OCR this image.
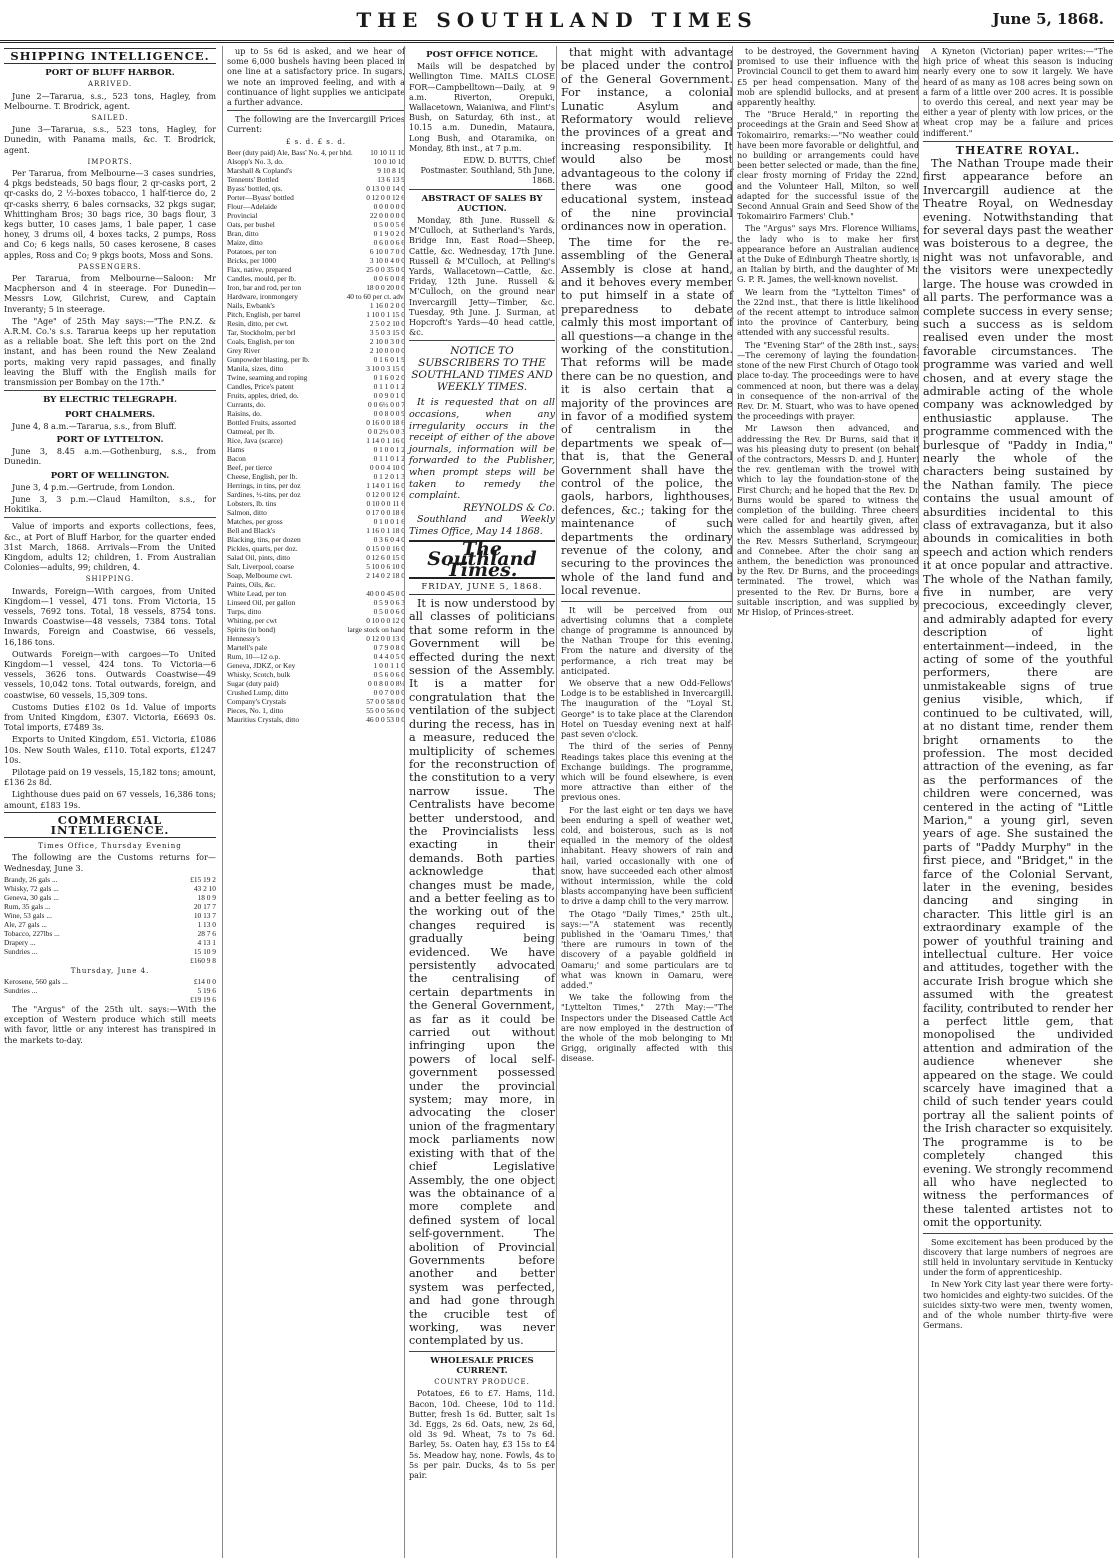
THE SOUTHLAND TIMES	June 5, 1868.
SHIPPING INTELLIGENCE.
PORT OF BLUFF HARBOR.
ARRIVED.

June 2—Tararua, s.s., 523 tons, Hagley, from Melbourne. T. Brodrick, agent.

SAILED.

June 3—Tararua, s.s., 523 tons, Hagley, for Dunedin, with Panama mails, &c. T. Brodrick, agent.

IMPORTS.

Per Tararua, from Melbourne—3 cases sundries, 4 pkgs bedsteads, 50 bags flour, 2 qr-casks port, 2 qr-casks do, 2 ½-boxes tobacco, 1 half-tierce do, 2 qr-casks sherry, 6 bales cornsacks, 32 pkgs sugar, Whittingham Bros; 30 bags rice, 30 bags flour, 3 kegs butter, 10 cases jams, 1 bale paper, 1 case honey, 3 drums oil, 4 boxes tacks, 2 pumps, Ross and Co; 6 kegs nails, 50 cases kerosene, 8 cases apples, Ross and Co; 9 pkgs boots, Moss and Sons.

PASSENGERS.

Per Tararua, from Melbourne—Saloon: Mr Macpherson and 4 in steerage. For Dunedin—Messrs Low, Gilchrist, Curew, and Captain Inveranty; 5 in steerage.

The "Age" of 25th May says:—"The P.N.Z. & A.R.M. Co.'s s.s. Tararua keeps up her reputation as a reliable boat. She left this port on the 2nd instant, and has been round the New Zealand ports, making very rapid passages, and finally leaving the Bluff with the English mails for transmission per Bombay on the 17th."

BY ELECTRIC TELEGRAPH.
PORT CHALMERS.

June 4, 8 a.m.—Tararua, s.s., from Bluff.

PORT OF LYTTELTON.

June 3, 8.45 a.m.—Gothenburg, s.s., from Dunedin.

PORT OF WELLINGTON.

June 3, 4 p.m.—Gertrude, from London.

June 3, 3 p.m.—Claud Hamilton, s.s., for Hokitika.

Value of imports and exports collections, fees, &c., at Port of Bluff Harbor, for the quarter ended 31st March, 1868. Arrivals—From the United Kingdom, adults 12; children, 1. From Australian Colonies—adults, 99; children, 4.

SHIPPING.

Inwards, Foreign—With cargoes, from United Kingdom—1 vessel, 471 tons. From Victoria, 15 vessels, 7692 tons. Total, 18 vessels, 8754 tons. Inwards Coastwise—48 vessels, 7384 tons. Total Inwards, Foreign and Coastwise, 66 vessels, 16,186 tons.

Outwards Foreign—with cargoes—To United Kingdom—1 vessel, 424 tons. To Victoria—6 vessels, 3626 tons. Outwards Coastwise—49 vessels, 10,042 tons. Total outwards, foreign, and coastwise, 60 vessels, 15,309 tons.

Customs Duties £102 0s 1d. Value of imports from United Kingdom, £307. Victoria, £6693 0s. Total imports, £7489 3s.

Exports to United Kingdom, £51. Victoria, £1086 10s. New South Wales, £110. Total exports, £1247 10s.

Pilotage paid on 19 vessels, 15,182 tons; amount, £136 2s 8d.

Lighthouse dues paid on 67 vessels, 16,386 tons; amount, £183 19s.

COMMERCIAL INTELLIGENCE.
Times Office, Thursday Evening

The following are the Customs returns for— Wednesday, June 3.

Brandy, 26 gals ...	£15 19 2
Whisky, 72 gals ...	43 2 10
Geneva, 30 gals ...	18 0 9
Rum, 35 gals ...	20 17 7
Wine, 53 gals ...	10 13 7
Ale, 27 gals ...	1 13 0
Tobacco, 227lbs ...	28 7 6
Drapery ...	4 13 1
Sundries ...	15 10 9
£160 9 8
Thursday, June 4.
Kerosene, 560 gals ...	£14 0 0
Sundries ...	5 19 6
£19 19 6

The "Argus" of the 25th ult. says:—With the exception of Western produce which still meets with favor, little or any interest has transpired in the markets to-day.

up to 5s 6d is asked, and we hear of some 6,000 bushels having been placed in one line at a satisfactory price. In sugars, we note an improved feeling, and with a continuance of light supplies we anticipate a further advance.

The following are the Invercargill Prices Current:

£ s. d. £ s. d.
Beer (duty paid) Ale, Bass' No. 4, per hhd. 10 10 11 10
Alsopp's No. 3, do.	10 0 10 10
Marshall & Copland's	9 10 8 10
Tennents' Bottled	13 6 13 9
Byass' bottled, qts.	0 13 0 0 14 0
Porter—Byass' bottled	0 12 0 0 12 6
Flour—Adelaide	0 0 0 0 0 0
Provincial	22 0 0 0 0 0
Oats, per bushel	0 5 0 0 5 6
Bran, ditto	0 1 9 0 2 0
Maize, ditto	0 6 0 0 6 6
Potatoes, per ton	6 10 0 7 0 0
Bricks, per 1000	3 10 0 4 0 0
Flax, native, prepared	25 0 0 35 0 0
Candles, mould, per lb.	0 0 6 0 0 8
Iron, bar and rod, per ton	18 0 0 20 0 0
Hardware, ironmongery	40 to 60 per ct. adv.
Nails, Ewbank's	1 16 0 2 0 0
Pitch, English, per barrel	1 10 0 1 15 0
Resin, ditto, per cwt.	2 5 0 2 10 0
Tar, Stockholm, per brl	3 5 0 3 15 0
Coals, English, per ton	2 10 0 3 0 0
Grey River	2 10 0 0 0 0
Gunpowder blasting, per lb.	0 1 6 0 1 9
Manila, sizes, ditto	3 10 0 3 15 0
Twine, seaming and roping	0 1 6 0 2 0
Candles, Price's patent	0 1 1 0 1 2
Fruits, apples, dried, do.	0 0 9 0 1 0
Currants, do.	0 0 6½ 0 0 7
Raisins, do.	0 0 8 0 0 9
Bottled Fruits, assorted	0 16 0 0 18 6
Oatmeal, per lb.	0 0 2½ 0 0 3
Rice, Java (scarce)	1 14 0 1 16 0
Hams	0 1 0 0 1 2
Bacon	0 1 1 0 1 2
Beef, per tierce	0 0 0 4 10 0
Cheese, English, per lb.	0 1 2 0 1 3
Herrings, in tins, per doz	1 14 0 1 16 0
Sardines, ½-tins, per doz	0 12 0 0 12 6
Lobsters, lb. tins	0 10 0 0 11 6
Salmon, ditto	0 17 0 0 18 6
Matches, per gross	0 1 0 0 1 6
Bell and Black's	1 16 0 1 18 0
Blacking, tins, per dozen	0 3 6 0 4 0
Pickles, quarts, per doz.	0 15 0 0 16 0
Salad Oil, pints, ditto	0 12 6 0 15 0
Salt, Liverpool, coarse	5 10 0 6 10 0
Soap, Melbourne cwt.	2 14 0 2 18 0
Paints, Oils, &c.
White Lead, per ton	40 0 0 45 0 0
Linseed Oil, per gallon	0 5 9 0 6 3
Turps, ditto	0 5 0 0 6 0
Whiting, per cwt	0 10 0 0 12 0
Spirits (in bond)	large stock on hand
Hennessy's	0 12 0 0 13 0
Martell's pale	0 7 9 0 8 0
Rum, 10—12 o.p.	0 4 4 0 5 0
Geneva, JDKZ, or Key	1 0 0 1 1 0
Whisky, Scotch, bulk	0 5 6 0 6 0
Sugar (duty paid)	0 0 8 0 0 8¼
Crushed Lump, ditto	0 0 7 0 0 0
Company's Crystals	57 0 0 58 0 0
Pieces, No. 1, ditto	55 0 0 56 0 0
Mauritius Crystals, ditto	46 0 0 53 0 0
POST OFFICE NOTICE.

Mails will be despatched by Wellington Time. MAILS CLOSE FOR—Campbelltown—Daily, at 9 a.m. Riverton, Orepuki, Wallacetown, Waianiwa, and Flint's Bush, on Saturday, 6th inst., at 10.15 a.m. Dunedin, Mataura, Long Bush, and Otaramika, on Monday, 8th inst., at 7 p.m.

EDW. D. BUTTS, Chief Postmaster. Southland, 5th June, 1868.

ABSTRACT OF SALES BY AUCTION.

Monday, 8th June. Russell & M'Culloch, at Sutherland's Yards, Bridge Inn, East Road—Sheep, Cattle, &c. Wednesday, 17th June. Russell & M'Culloch, at Pelling's Yards, Wallacetown—Cattle, &c. Friday, 12th June. Russell & M'Culloch, on the ground near Invercargill Jetty—Timber, &c. Tuesday, 9th June. J. Surman, at Hopcroft's Yards—40 head cattle, &c.

NOTICE TO SUBSCRIBERS TO THE SOUTHLAND TIMES AND WEEKLY TIMES.

It is requested that on all occasions, when any irregularity occurs in the receipt of either of the above journals, information will be forwarded to the Publisher, when prompt steps will be taken to remedy the complaint.

REYNOLDS & Co.

Southland and Weekly Times Office, May 14 1868.

The Southland Times.
FRIDAY, JUNE 5, 1868.

It is now understood by all classes of politicians that some reform in the Government will be effected during the next session of the Assembly. It is a matter for congratulation that the ventilation of the subject during the recess, has in a measure, reduced the multiplicity of schemes for the reconstruction of the constitution to a very narrow issue. The Centralists have become better understood, and the Provincialists less exacting in their demands. Both parties acknowledge that changes must be made, and a better feeling as to the working out of the changes required is gradually being evidenced. We have persistently advocated the centralising of certain departments in the General Government, as far as it could be carried out without infringing upon the powers of local self-government possessed under the provincial system; may more, in advocating the closer union of the fragmentary mock parliaments now existing with that of the chief Legislative Assembly, the one object was the obtainance of a more complete and defined system of local self-government. The abolition of Provincial Governments before another and better system was perfected, and had gone through the crucible test of working, was never contemplated by us.

WHOLESALE PRICES CURRENT.
COUNTRY PRODUCE.

Potatoes, £6 to £7. Hams, 11d. Bacon, 10d. Cheese, 10d to 11d. Butter, fresh 1s 6d. Butter, salt 1s 3d. Eggs, 2s 6d. Oats, new, 2s 6d, old 3s 9d. Wheat, 7s to 7s 6d. Barley, 5s. Oaten hay, £3 15s to £4 5s. Meadow hay, none. Fowls, 4s to 5s per pair. Ducks, 4s to 5s per pair.

that might with advantage be placed under the control of the General Government. For instance, a colonial Lunatic Asylum and Reformatory would relieve the provinces of a great and increasing responsibility. It would also be most advantageous to the colony if there was one good educational system, instead of the nine provincial ordinances now in operation.

The time for the re-assembling of the General Assembly is close at hand, and it behoves every member to put himself in a state of preparedness to debate calmly this most important of all questions—a change in the working of the constitution. That reforms will be made there can be no question, and it is also certain that a majority of the provinces are in favor of a modified system of centralism in the departments we speak of—that is, that the General Government shall have the control of the police, the gaols, harbors, lighthouses, defences, &c.; taking for the maintenance of such departments the ordinary revenue of the colony, and securing to the provinces the whole of the land fund and local revenue.

It will be perceived from our advertising columns that a complete change of programme is announced by the Nathan Troupe for this evening. From the nature and diversity of the performance, a rich treat may be anticipated.

We observe that a new Odd-Fellows' Lodge is to be established in Invercargill. The inauguration of the "Loyal St. George" is to take place at the Clarendon Hotel on Tuesday evening next at half-past seven o'clock.

The third of the series of Penny Readings takes place this evening at the Exchange buildings. The programme, which will be found elsewhere, is even more attractive than either of the previous ones.

For the last eight or ten days we have been enduring a spell of weather wet, cold, and boisterous, such as is not equalled in the memory of the oldest inhabitant. Heavy showers of rain and hail, varied occasionally with one of snow, have succeeded each other almost without intermission, while the cold blasts accompanying have been sufficient to drive a damp chill to the very marrow.

The Otago "Daily Times," 25th ult., says:—"A statement was recently published in the 'Oamaru Times,' that 'there are rumours in town of the discovery of a payable goldfield in Oamaru;' and some particulars are to what was known in Oamaru, were added."

We take the following from the "Lyttelton Times," 27th May:—"The Inspectors under the Diseased Cattle Act are now employed in the destruction of the whole of the mob belonging to Mr Grigg, originally affected with this disease.

to be destroyed, the Government having promised to use their influence with the Provincial Council to get them to award him £5 per head compensation. Many of the mob are splendid bullocks, and at present apparently healthy.

The "Bruce Herald," in reporting the proceedings at the Grain and Seed Show at Tokomairiro, remarks:—"No weather could have been more favorable or delightful, and no building or arrangements could have been better selected or made, than the fine, clear frosty morning of Friday the 22nd, and the Volunteer Hall, Milton, so well adapted for the successful issue of the Second Annual Grain and Seed Show of the Tokomairiro Farmers' Club."

The "Argus" says Mrs. Florence Williams, the lady who is to make her first appearance before an Australian audience at the Duke of Edinburgh Theatre shortly, is an Italian by birth, and the daughter of Mr G. P. R. James, the well-known novelist.

We learn from the "Lyttelton Times" of the 22nd inst., that there is little likelihood of the recent attempt to introduce salmon into the province of Canterbury, being attended with any successful results.

The "Evening Star" of the 28th inst., says:—The ceremony of laying the foundation-stone of the new First Church of Otago took place to-day. The proceedings were to have commenced at noon, but there was a delay in consequence of the non-arrival of the Rev. Dr. M. Stuart, who was to have opened the proceedings with prayer.

Mr Lawson then advanced, and addressing the Rev. Dr Burns, said that it was his pleasing duty to present (on behalf of the contractors, Messrs D. and J. Hunter) the rev. gentleman with the trowel with which to lay the foundation-stone of the First Church; and he hoped that the Rev. Dr Burns would be spared to witness the completion of the building. Three cheers were called for and heartily given, after which the assemblage was addressed by the Rev. Messrs Sutherland, Scrymgeour, and Connebee. After the choir sang an anthem, the benediction was pronounced by the Rev. Dr Burns, and the proceedings terminated. The trowel, which was presented to the Rev. Dr Burns, bore a suitable inscription, and was supplied by Mr Hislop, of Princes-street.

A Kyneton (Victorian) paper writes:—"The high price of wheat this season is inducing nearly every one to sow it largely. We have heard of as many as 108 acres being sown on a farm of a little over 200 acres. It is possible to overdo this cereal, and next year may be either a year of plenty with low prices, or the wheat crop may be a failure and prices indifferent."

THEATRE ROYAL.

The Nathan Troupe made their first appearance before an Invercargill audience at the Theatre Royal, on Wednesday evening. Notwithstanding that for several days past the weather was boisterous to a degree, the night was not unfavorable, and the visitors were unexpectedly large. The house was crowded in all parts. The performance was a complete success in every sense; such a success as is seldom realised even under the most favorable circumstances. The programme was varied and well chosen, and at every stage the admirable acting of the whole company was acknowledged by enthusiastic applause. The programme commenced with the burlesque of "Paddy in India," nearly the whole of the characters being sustained by the Nathan family. The piece contains the usual amount of absurdities incidental to this class of extravaganza, but it also abounds in comicalities in both speech and action which renders it at once popular and attractive. The whole of the Nathan family, five in number, are very precocious, exceedingly clever, and admirably adapted for every description of light entertainment—indeed, in the acting of some of the youthful performers, there are unmistakeable signs of true genius visible, which, if continued to be cultivated, will, at no distant time, render them bright ornaments to the profession. The most decided attraction of the evening, as far as the performances of the children were concerned, was centered in the acting of "Little Marion," a young girl, seven years of age. She sustained the parts of "Paddy Murphy" in the first piece, and "Bridget," in the farce of the Colonial Servant, later in the evening, besides dancing and singing in character. This little girl is an extraordinary example of the power of youthful training and intellectual culture. Her voice and attitudes, together with the accurate Irish brogue which she assumed with the greatest facility, contributed to render her a perfect little gem, that monopolised the undivided attention and admiration of the audience whenever she appeared on the stage. We could scarcely have imagined that a child of such tender years could portray all the salient points of the Irish character so exquisitely. The programme is to be completely changed this evening. We strongly recommend all who have neglected to witness the performances of these talented artistes not to omit the opportunity.

Some excitement has been produced by the discovery that large numbers of negroes are still held in involuntary servitude in Kentucky under the form of apprenticeship.

In New York City last year there were forty-two homicides and eighty-two suicides. Of the suicides sixty-two were men, twenty women, and of the whole number thirty-five were Germans.
